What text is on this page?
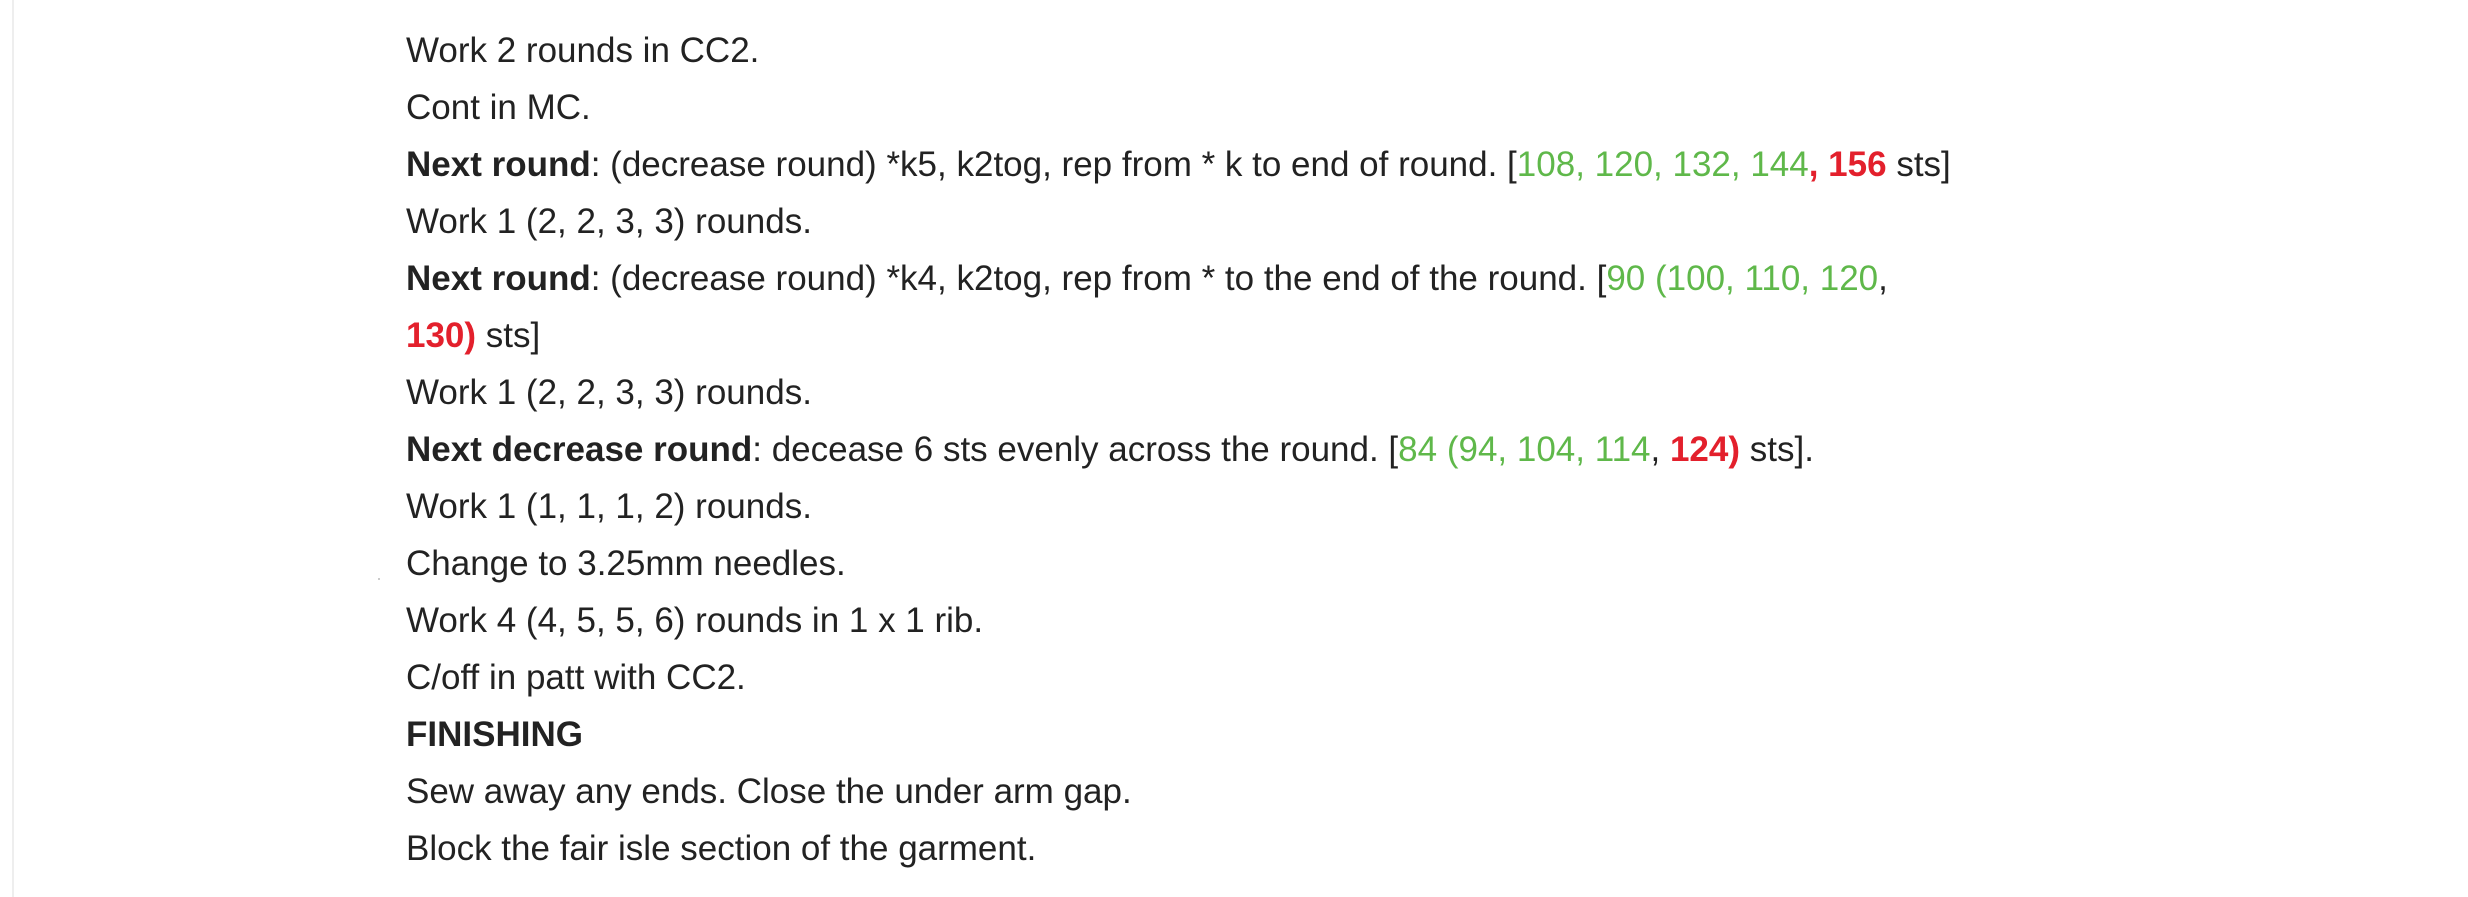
Work 2 rounds in CC2.
Cont in MC.
Next round: (decrease round) *k5, k2tog, rep from * k to end of round. [108, 120, 132, 144, 156 sts]
Work 1 (2, 2, 3, 3) rounds.
Next round: (decrease round) *k4, k2tog, rep from * to the end of the round. [90 (100, 110, 120,
130) sts]
Work 1 (2, 2, 3, 3) rounds.
Next decrease round: decease 6 sts evenly across the round. [84 (94, 104, 114, 124) sts].
Work 1 (1, 1, 1, 2) rounds.
Change to 3.25mm needles.
Work 4 (4, 5, 5, 6) rounds in 1 x 1 rib.
C/off in patt with CC2.
FINISHING
Sew away any ends. Close the under arm gap.
Block the fair isle section of the garment.
